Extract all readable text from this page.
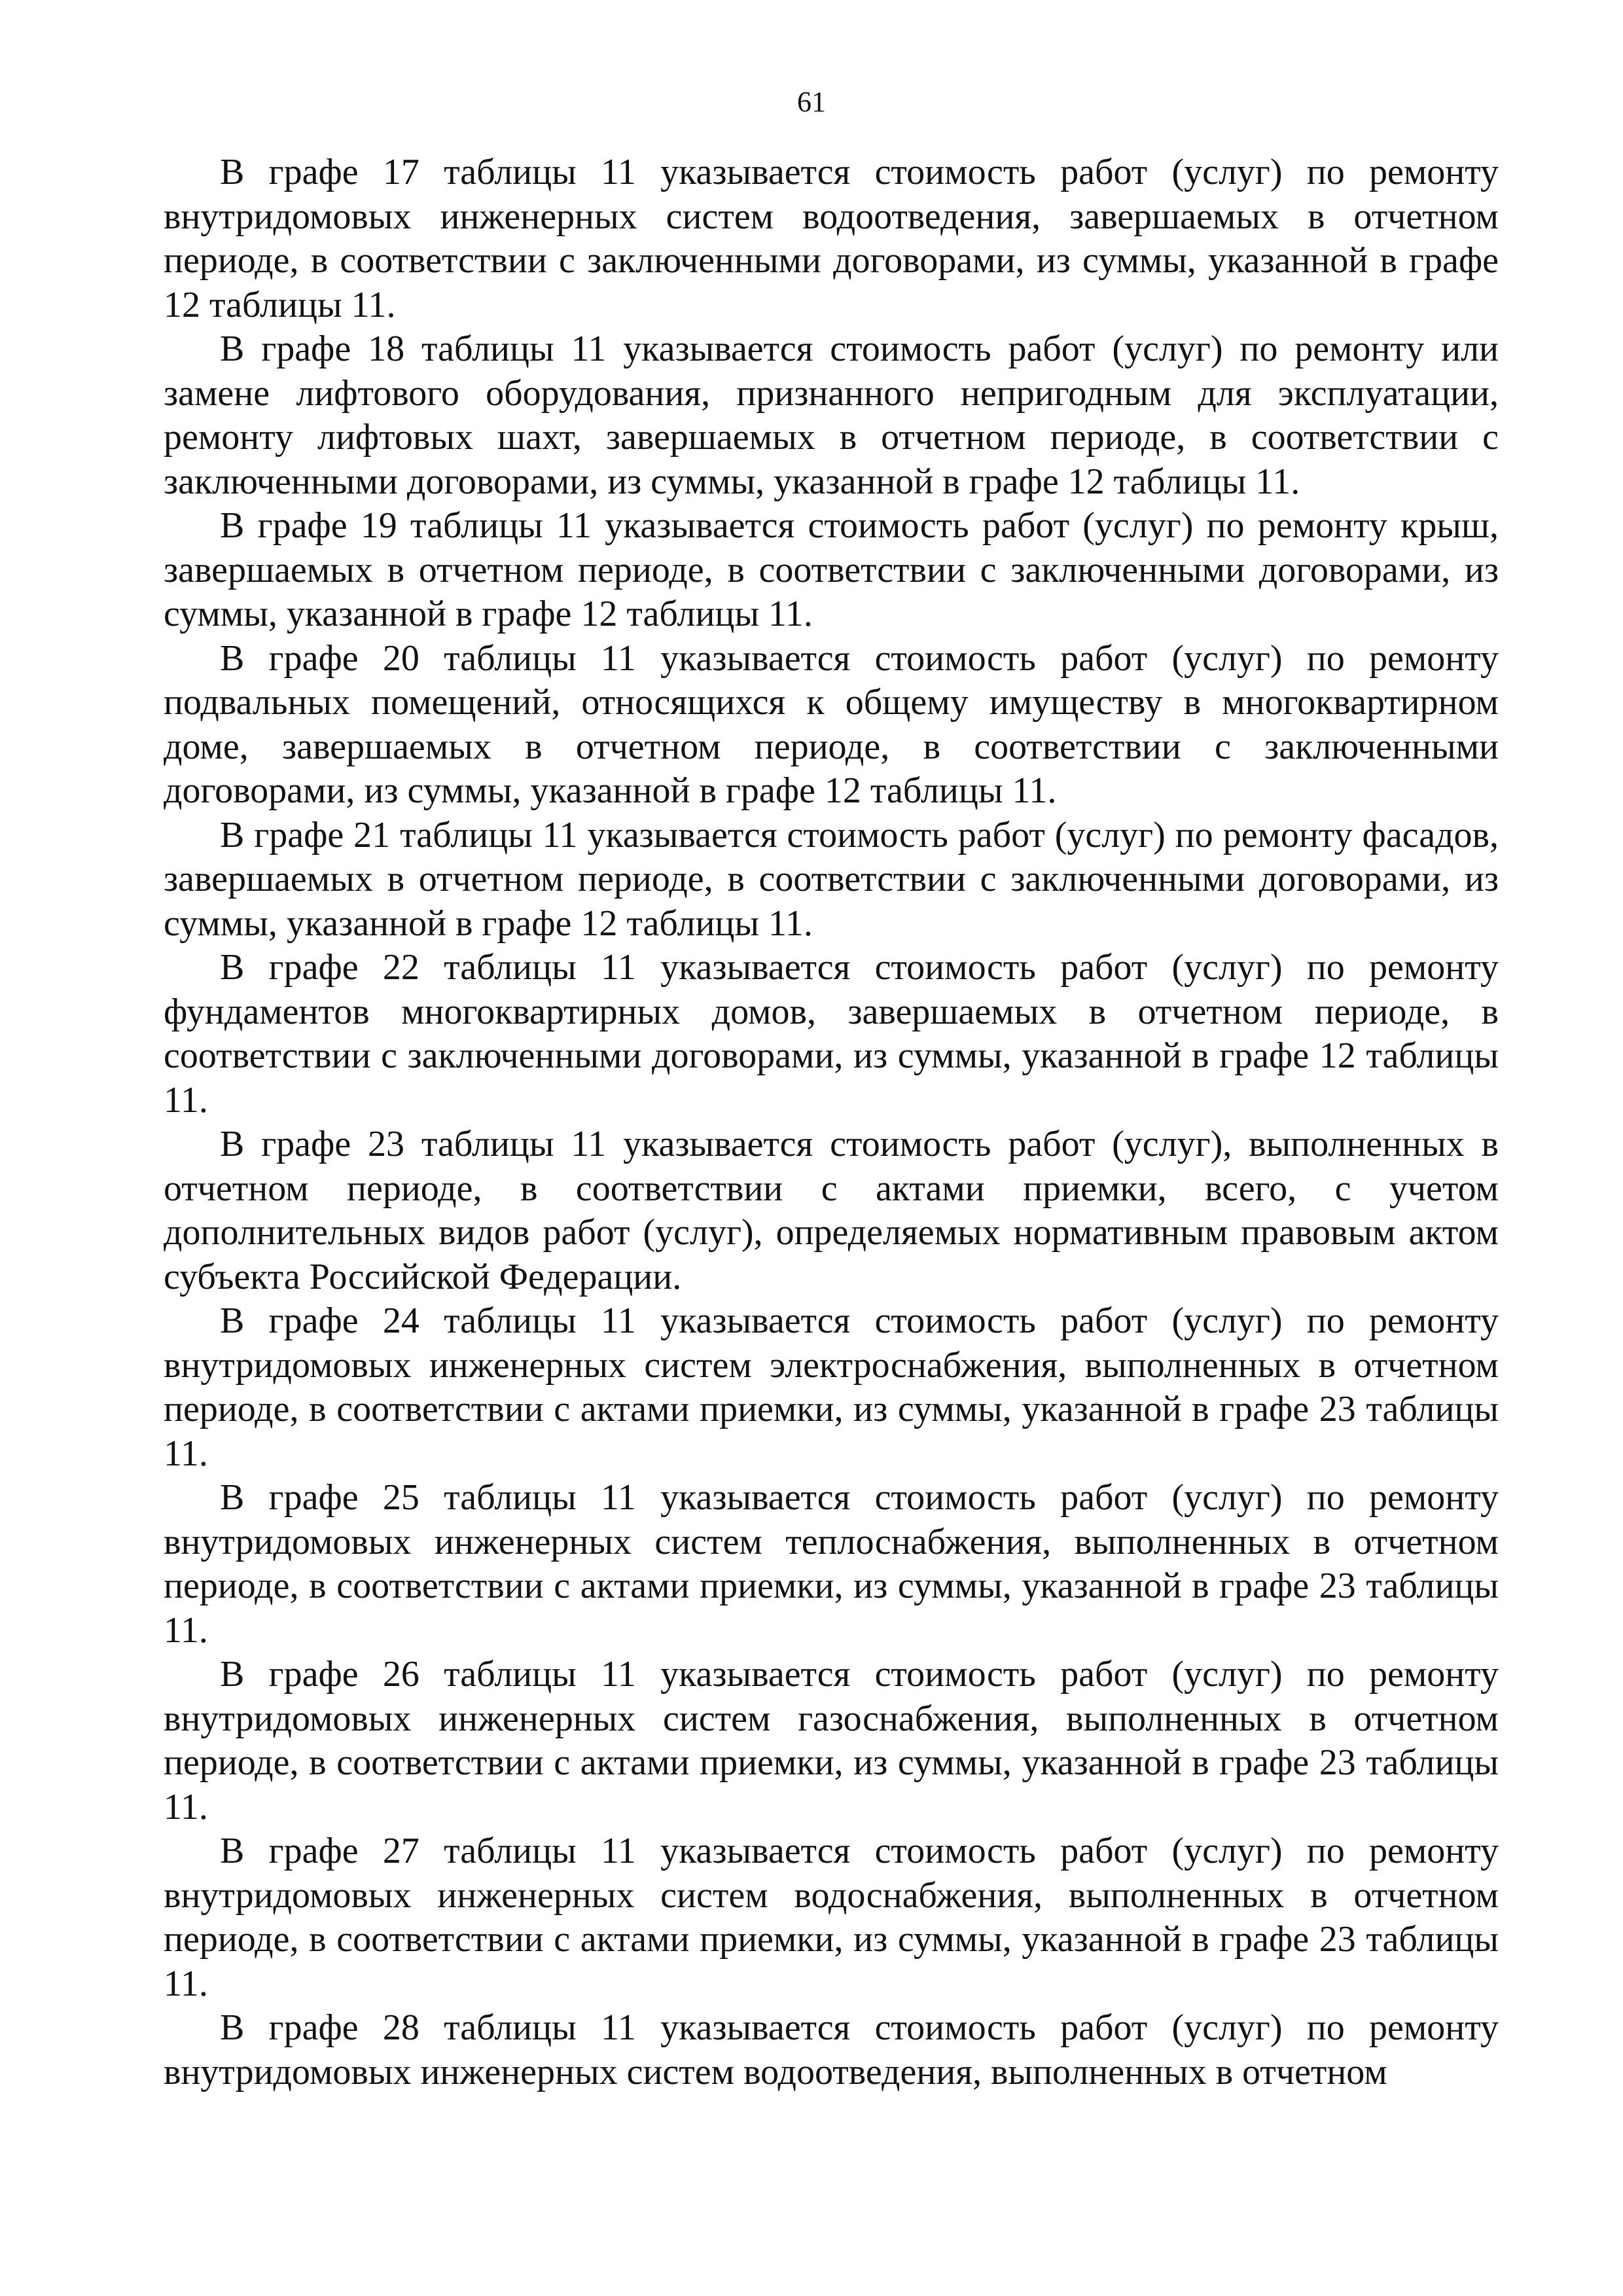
61

В графе 17 таблицы 11 указывается стоимость работ (услуг) по ремонту внутридомовых инженерных систем водоотведения, завершаемых в отчетном периоде, в соответствии с заключенными договорами, из суммы, указанной в графе 12 таблицы 11.

В графе 18 таблицы 11 указывается стоимость работ (услуг) по ремонту или замене лифтового оборудования, признанного непригодным для эксплуатации, ремонту лифтовых шахт, завершаемых в отчетном периоде, в соответствии с заключенными договорами, из суммы, указанной в графе 12 таблицы 11.

В графе 19 таблицы 11 указывается стоимость работ (услуг) по ремонту крыш, завершаемых в отчетном периоде, в соответствии с заключенными договорами, из суммы, указанной в графе 12 таблицы 11.

В графе 20 таблицы 11 указывается стоимость работ (услуг) по ремонту подвальных помещений, относящихся к общему имуществу в многоквартирном доме, завершаемых в отчетном периоде, в соответствии с заключенными договорами, из суммы, указанной в графе 12 таблицы 11.

В графе 21 таблицы 11 указывается стоимость работ (услуг) по ремонту фасадов, завершаемых в отчетном периоде, в соответствии с заключенными договорами, из суммы, указанной в графе 12 таблицы 11.

В графе 22 таблицы 11 указывается стоимость работ (услуг) по ремонту фундаментов многоквартирных домов, завершаемых в отчетном периоде, в соответствии с заключенными договорами, из суммы, указанной в графе 12 таблицы 11.

В графе 23 таблицы 11 указывается стоимость работ (услуг), выполненных в отчетном периоде, в соответствии с актами приемки, всего, с учетом дополнительных видов работ (услуг), определяемых нормативным правовым актом субъекта Российской Федерации.

В графе 24 таблицы 11 указывается стоимость работ (услуг) по ремонту внутридомовых инженерных систем электроснабжения, выполненных в отчетном периоде, в соответствии с актами приемки, из суммы, указанной в графе 23 таблицы 11.

В графе 25 таблицы 11 указывается стоимость работ (услуг) по ремонту внутридомовых инженерных систем теплоснабжения, выполненных в отчетном периоде, в соответствии с актами приемки, из суммы, указанной в графе 23 таблицы 11.

В графе 26 таблицы 11 указывается стоимость работ (услуг) по ремонту внутридомовых инженерных систем газоснабжения, выполненных в отчетном периоде, в соответствии с актами приемки, из суммы, указанной в графе 23 таблицы 11.

В графе 27 таблицы 11 указывается стоимость работ (услуг) по ремонту внутридомовых инженерных систем водоснабжения, выполненных в отчетном периоде, в соответствии с актами приемки, из суммы, указанной в графе 23 таблицы 11.

В графе 28 таблицы 11 указывается стоимость работ (услуг) по ремонту внутридомовых инженерных систем водоотведения, выполненных в отчетном
